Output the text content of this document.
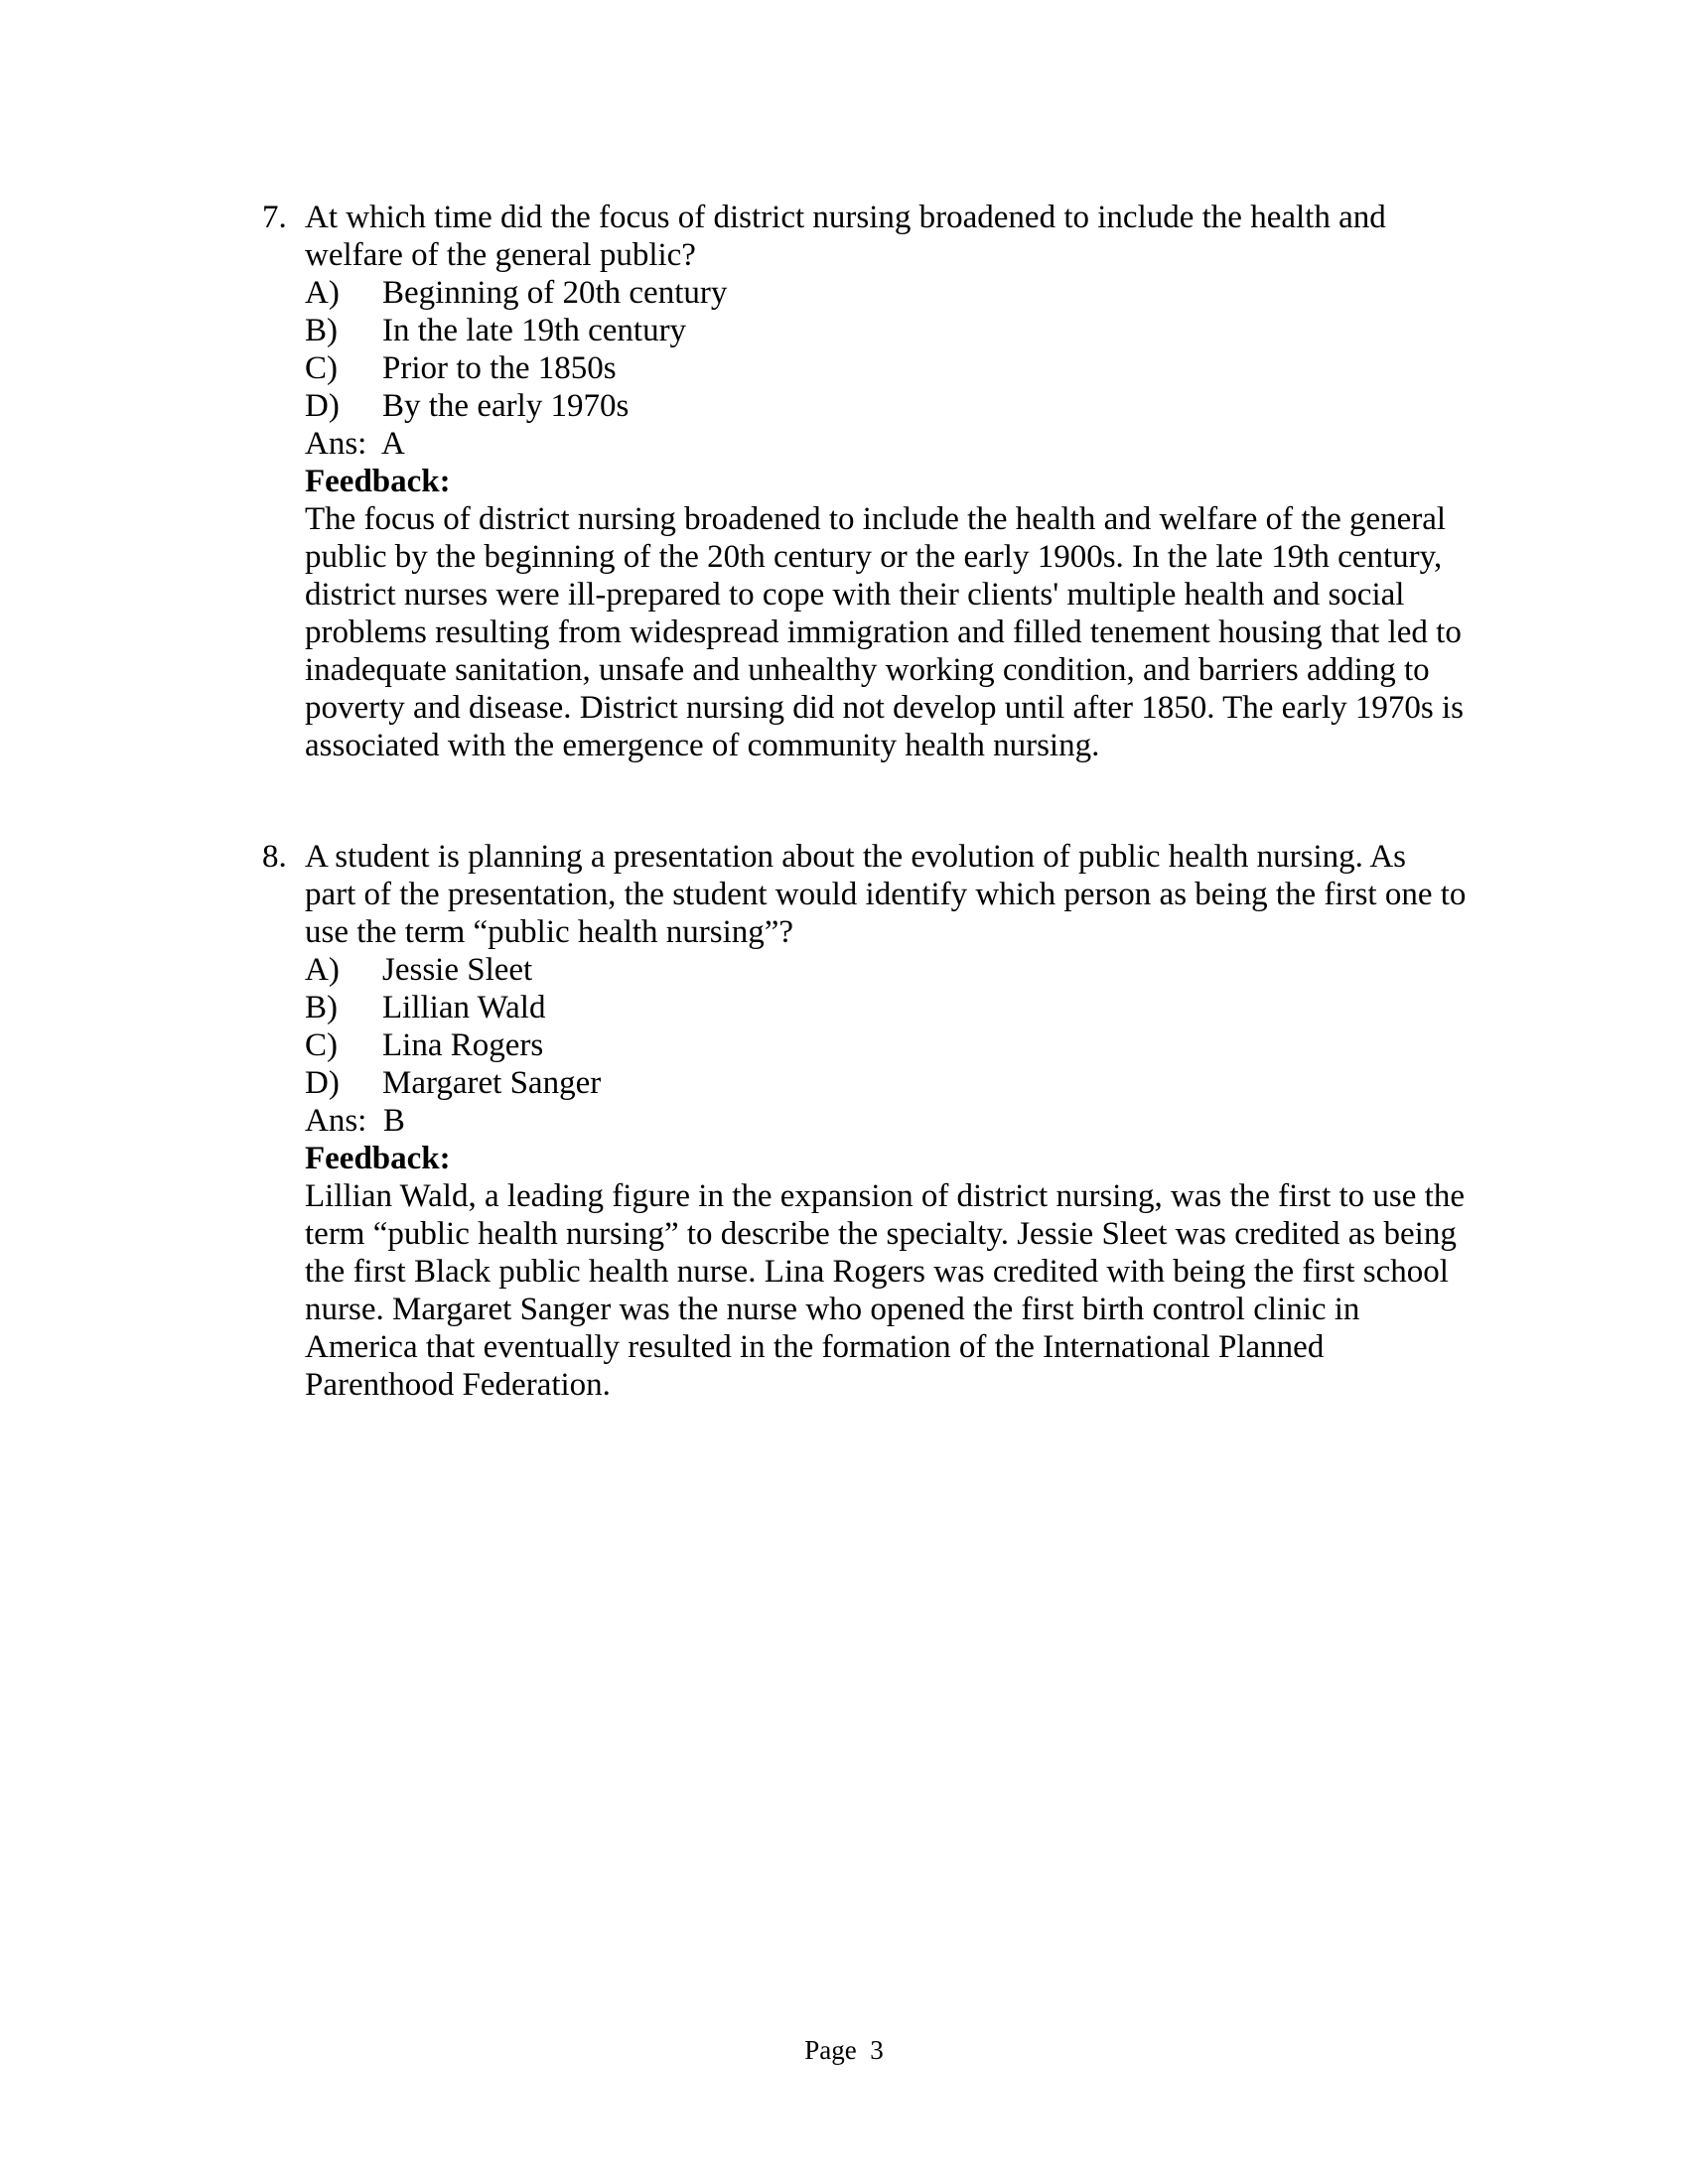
7. At which time did the focus of district nursing broadened to include the health and
welfare of the general public?
A) Beginning of 20th century
B) In the late 19th century
C) Prior to the 1850s
D) By the early 1970s
Ans:  A
Feedback:
The focus of district nursing broadened to include the health and welfare of the general
public by the beginning of the 20th century or the early 1900s. In the late 19th century,
district nurses were ill-prepared to cope with their clients' multiple health and social
problems resulting from widespread immigration and filled tenement housing that led to
inadequate sanitation, unsafe and unhealthy working condition, and barriers adding to
poverty and disease. District nursing did not develop until after 1850. The early 1970s is
associated with the emergence of community health nursing.
8. A student is planning a presentation about the evolution of public health nursing. As
part of the presentation, the student would identify which person as being the first one to
use the term “public health nursing”?
A) Jessie Sleet
B) Lillian Wald
C) Lina Rogers
D) Margaret Sanger
Ans:  B
Feedback:
Lillian Wald, a leading figure in the expansion of district nursing, was the first to use the
term “public health nursing” to describe the specialty. Jessie Sleet was credited as being
the first Black public health nurse. Lina Rogers was credited with being the first school
nurse. Margaret Sanger was the nurse who opened the first birth control clinic in
America that eventually resulted in the formation of the International Planned
Parenthood Federation.
Page  3
